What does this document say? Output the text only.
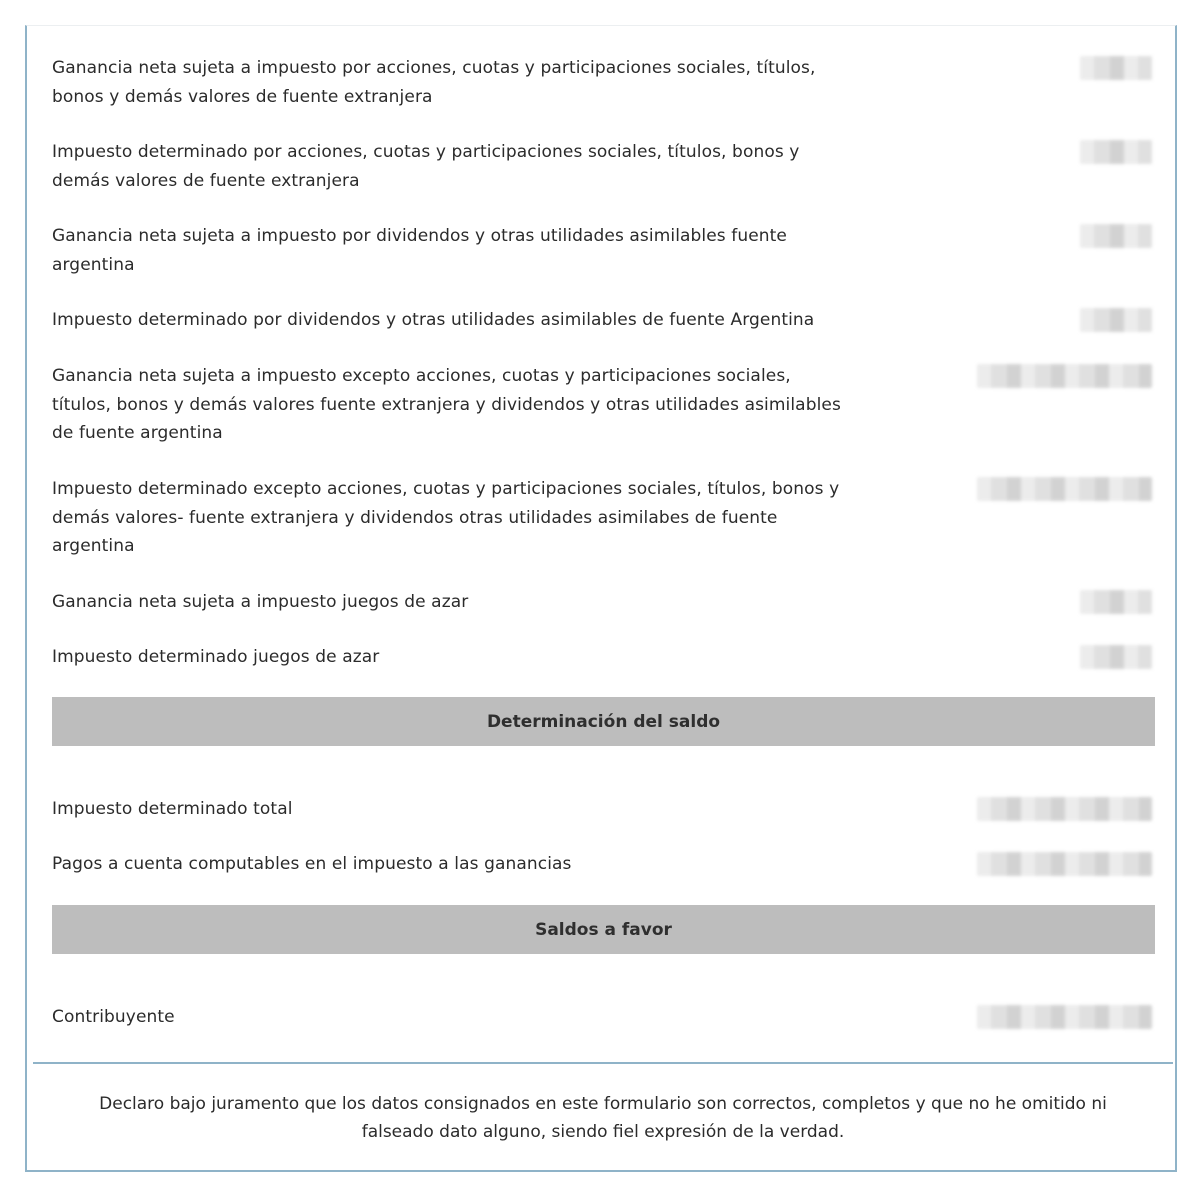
Ganancia neta sujeta a impuesto por acciones, cuotas y participaciones sociales, títulos, bonos y demás valores de fuente extranjera
Impuesto determinado por acciones, cuotas y participaciones sociales, títulos, bonos y demás valores de fuente extranjera
Ganancia neta sujeta a impuesto por dividendos y otras utilidades asimilables fuente argentina
Impuesto determinado por dividendos y otras utilidades asimilables de fuente Argentina
Ganancia neta sujeta a impuesto excepto acciones, cuotas y participaciones sociales, títulos, bonos y demás valores fuente extranjera y dividendos y otras utilidades asimilables de fuente argentina
Impuesto determinado excepto acciones, cuotas y participaciones sociales, títulos, bonos y demás valores- fuente extranjera y dividendos otras utilidades asimilabes de fuente argentina
Ganancia neta sujeta a impuesto juegos de azar
Impuesto determinado juegos de azar
Determinación del saldo
Impuesto determinado total
Pagos a cuenta computables en el impuesto a las ganancias
Saldos a favor
Contribuyente
Declaro bajo juramento que los datos consignados en este formulario son correctos, completos y que no he omitido ni falseado dato alguno, siendo fiel expresión de la verdad.
